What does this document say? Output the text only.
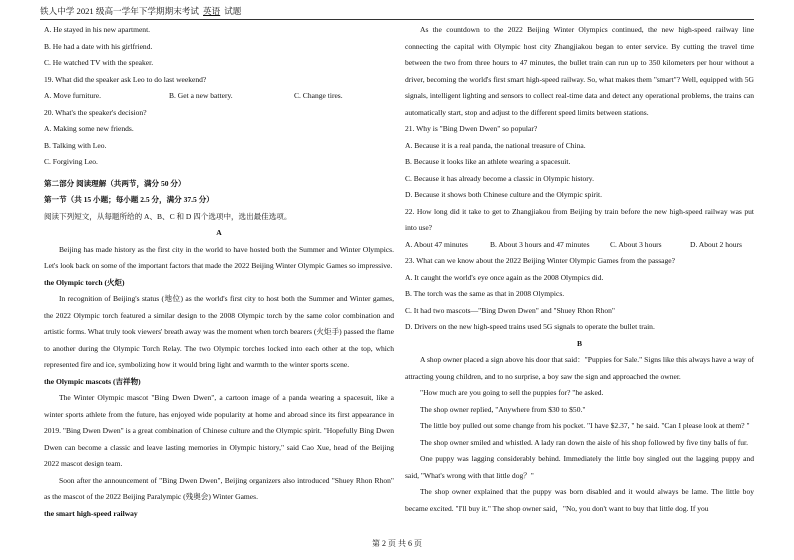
铁人中学 2021 级高一学年下学期期末考试 英语 试题

A. He stayed in his new apartment.

B. He had a date with his girlfriend.

C. He watched TV with the speaker.

19. What did the speaker ask Leo to do last weekend?

A. Move furniture.	B. Get a new battery.	C. Change tires.

20. What's the speaker's decision?

A. Making some new friends.

B. Talking with Leo.

C. Forgiving Leo.

第二部分 阅读理解（共两节，满分 50 分）

第一节（共 15 小题；每小题 2.5 分，满分 37.5 分）

阅读下列短文，从每题所给的 A、B、C 和 D 四个选项中，选出最佳选项。

A

Beijing has made history as the first city in the world to have hosted both the Summer and Winter Olympics. Let's look back on some of the important factors that made the 2022 Beijing Winter Olympic Games so impressive.

the Olympic torch (火炬)

In recognition of Beijing's status (地位) as the world's first city to host both the Summer and Winter games, the 2022 Olympic torch featured a similar design to the 2008 Olympic torch by the same color combination and artistic forms. What truly took viewers' breath away was the moment when torch bearers (火炬手) passed the flame to another during the Olympic Torch Relay. The two Olympic torches locked into each other at the top, which represented fire and ice, symbolizing how it would bring light and warmth to the winter sports scene.

the Olympic mascots (吉祥物)

The Winter Olympic mascot "Bing Dwen Dwen", a cartoon image of a panda wearing a spacesuit, like a winter sports athlete from the future, has enjoyed wide popularity at home and abroad since its first appearance in 2019. "Bing Dwen Dwen" is a great combination of Chinese culture and the Olympic spirit. "Hopefully Bing Dwen Dwen can become a classic and leave lasting memories in Olympic history," said Cao Xue, head of the Beijing 2022 mascot design team.

Soon after the announcement of "Bing Dwen Dwen", Beijing organizers also introduced "Shuey Rhon Rhon" as the mascot of the 2022 Beijing Paralympic (残奥会) Winter Games.

the smart high-speed railway

As the countdown to the 2022 Beijing Winter Olympics continued, the new high-speed railway line connecting the capital with Olympic host city Zhangjiakou began to enter service. By cutting the travel time between the two from three hours to 47 minutes, the bullet train can run up to 350 kilometers per hour without a driver, becoming the world's first smart high-speed railway. So, what makes them "smart"? Well, equipped with 5G signals, intelligent lighting and sensors to collect real-time data and detect any operational problems, the trains can automatically start, stop and adjust to the different speed limits between stations.

21. Why is "Bing Dwen Dwen" so popular?

A. Because it is a real panda, the national treasure of China.

B. Because it looks like an athlete wearing a spacesuit.

C. Because it has already become a classic in Olympic history.

D. Because it shows both Chinese culture and the Olympic spirit.

22. How long did it take to get to Zhangjiakou from Beijing by train before the new high-speed railway was put into use?

A. About 47 minutes	B. About 3 hours and 47 minutes	C. About 3 hours	D. About 2 hours

23. What can we know about the 2022 Beijing Winter Olympic Games from the passage?

A. It caught the world's eye once again as the 2008 Olympics did.

B. The torch was the same as that in 2008 Olympics.

C. It had two mascots—"Bing Dwen Dwen" and "Shuey Rhon Rhon"

D. Drivers on the new high-speed trains used 5G signals to operate the bullet train.

B

A shop owner placed a sign above his door that said："Puppies for Sale." Signs like this always have a way of attracting young children, and to no surprise, a boy saw the sign and approached the owner.

"How much are you going to sell the puppies for? "he asked.

The shop owner replied, "Anywhere from $30 to $50."

The little boy pulled out some change from his pocket. "I have $2.37, " he said. "Can I please look at them? "

The shop owner smiled and whistled. A lady ran down the aisle of his shop followed by five tiny balls of fur.

One puppy was lagging considerably behind. Immediately the little boy singled out the lagging puppy and said, "What's wrong with that little dog？"

The shop owner explained that the puppy was born disabled and it would always be lame. The little boy became excited. "I'll buy it." The shop owner said，"No, you don't want to buy that little dog. If you

第 2 页 共 6 页
